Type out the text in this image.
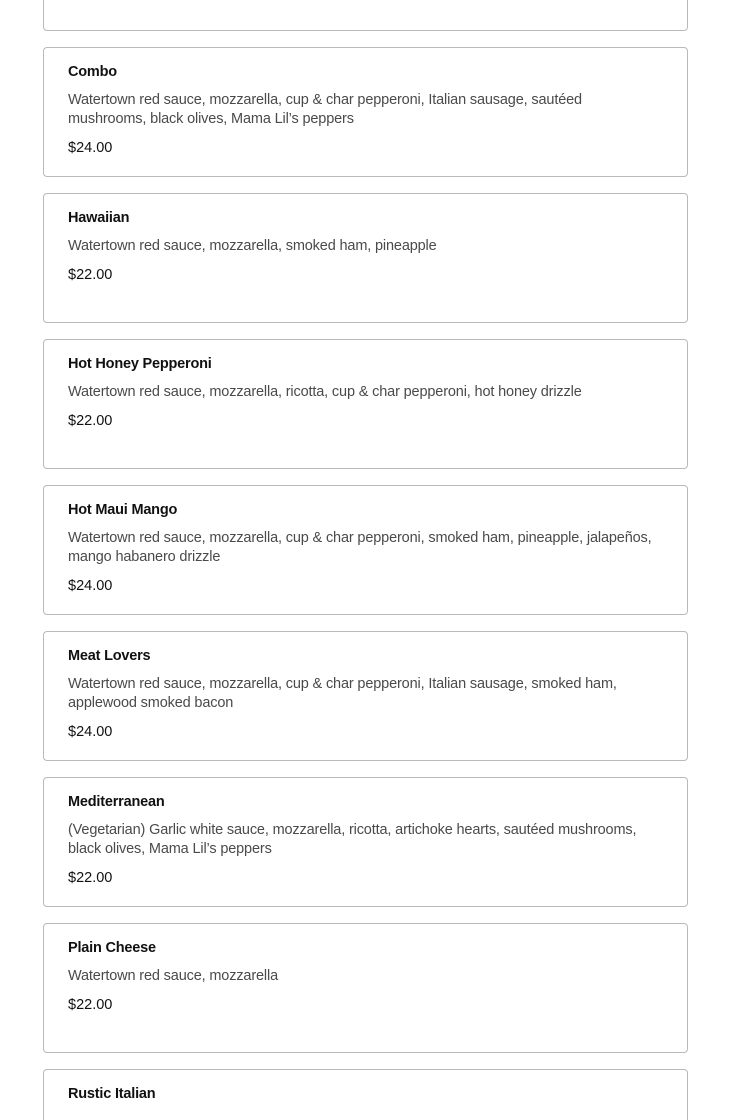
Combo
Watertown red sauce, mozzarella, cup & char pepperoni, Italian sausage, sautéed mushrooms, black olives, Mama Lil’s peppers
$24.00
Hawaiian
Watertown red sauce, mozzarella, smoked ham, pineapple
$22.00
Hot Honey Pepperoni
Watertown red sauce, mozzarella, ricotta, cup & char pepperoni, hot honey drizzle
$22.00
Hot Maui Mango
Watertown red sauce, mozzarella, cup & char pepperoni, smoked ham, pineapple, jalapeños, mango habanero drizzle
$24.00
Meat Lovers
Watertown red sauce, mozzarella, cup & char pepperoni, Italian sausage, smoked ham, applewood smoked bacon
$24.00
Mediterranean
(Vegetarian) Garlic white sauce, mozzarella, ricotta, artichoke hearts, sautéed mushrooms, black olives, Mama Lil’s peppers
$22.00
Plain Cheese
Watertown red sauce, mozzarella
$22.00
Rustic Italian
